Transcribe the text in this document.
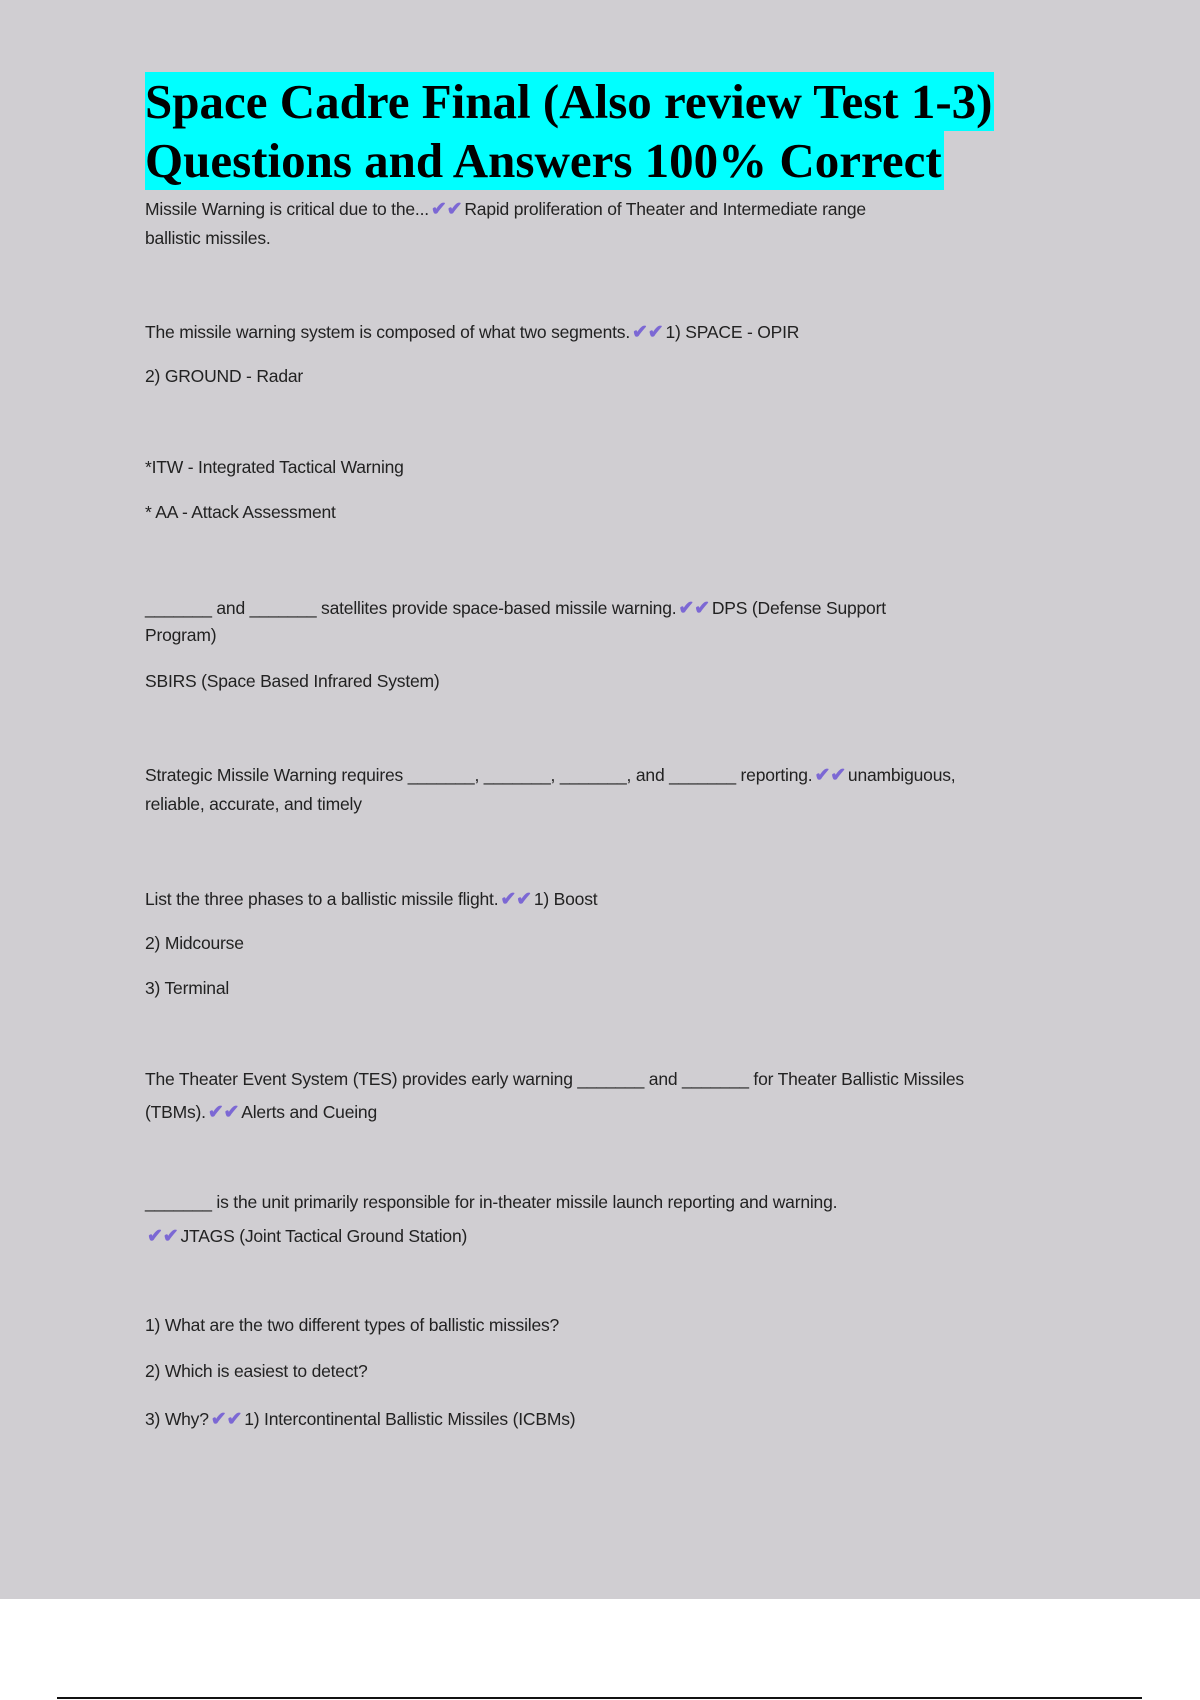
Space Cadre Final (Also review Test 1-3)
Questions and Answers 100% Correct
Missile Warning is critical due to the... ✔✔ Rapid proliferation of Theater and Intermediate range
ballistic missiles.
The missile warning system is composed of what two segments. ✔✔ 1) SPACE - OPIR
2) GROUND - Radar
*ITW - Integrated Tactical Warning
* AA - Attack Assessment
_______ and _______ satellites provide space-based missile warning. ✔✔ DPS (Defense Support
Program)
SBIRS (Space Based Infrared System)
Strategic Missile Warning requires _______, _______, _______, and _______ reporting. ✔✔ unambiguous,
reliable, accurate, and timely
List the three phases to a ballistic missile flight. ✔✔ 1) Boost
2) Midcourse
3) Terminal
The Theater Event System (TES) provides early warning _______ and _______ for Theater Ballistic Missiles
(TBMs). ✔✔ Alerts and Cueing
_______ is the unit primarily responsible for in-theater missile launch reporting and warning.
✔✔ JTAGS (Joint Tactical Ground Station)
1) What are the two different types of ballistic missiles?
2) Which is easiest to detect?
3) Why? ✔✔ 1) Intercontinental Ballistic Missiles (ICBMs)
